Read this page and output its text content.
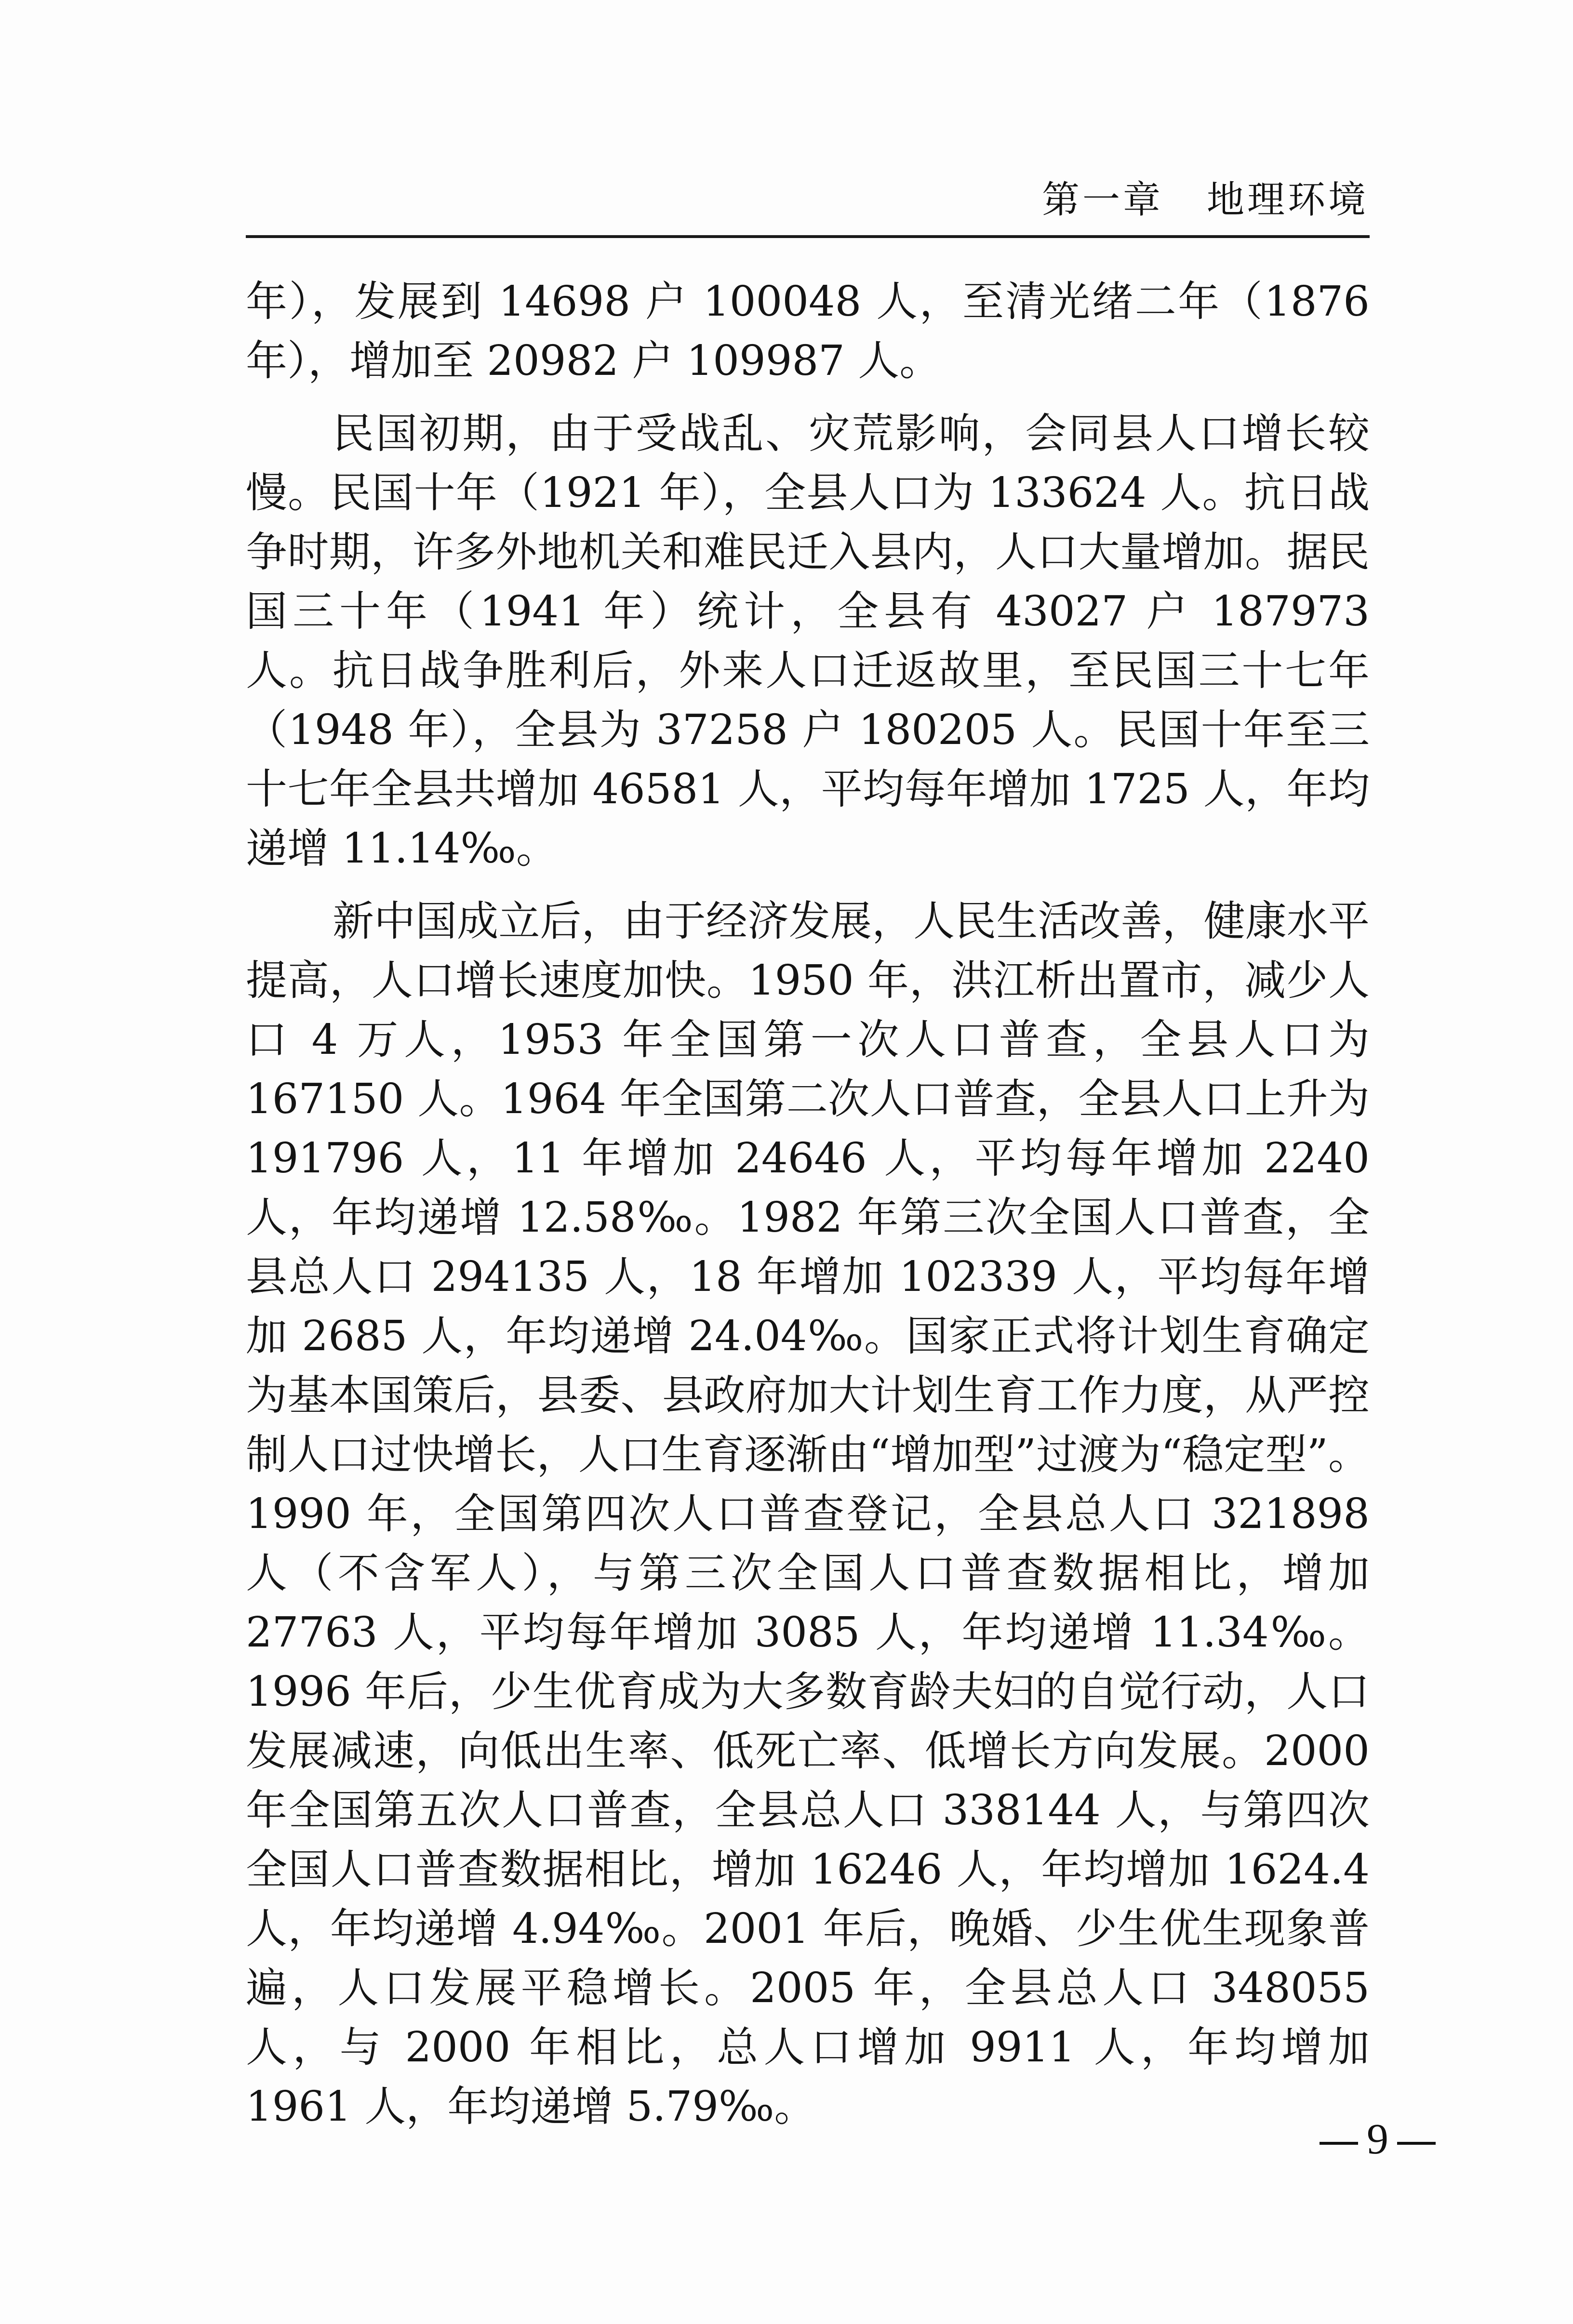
第一章 地理环境

年），发展到 14698 户 100048 人，至清光绪二年（1876 年），增加至 20982 户 109987 人。

民国初期，由于受战乱、灾荒影响，会同县人口增长较慢。民国十年（1921 年），全县人口为 133624 人。抗日战争时期，许多外地机关和难民迁入县内，人口大量增加。据民国三十年（1941 年）统计，全县有 43027 户 187973 人。抗日战争胜利后，外来人口迁返故里，至民国三十七年（1948 年），全县为 37258 户 180205 人。民国十年至三十七年全县共增加 46581 人，平均每年增加 1725 人，年均递增 11.14‰。

新中国成立后，由于经济发展，人民生活改善，健康水平提高，人口增长速度加快。1950 年，洪江析出置市，减少人口 4 万人，1953 年全国第一次人口普查，全县人口为 167150 人。1964 年全国第二次人口普查，全县人口上升为 191796 人，11 年增加 24646 人，平均每年增加 2240 人，年均递增 12.58‰。1982 年第三次全国人口普查，全县总人口 294135 人，18 年增加 102339 人，平均每年增加 2685 人，年均递增 24.04‰。国家正式将计划生育确定为基本国策后，县委、县政府加大计划生育工作力度，从严控制人口过快增长，人口生育逐渐由“增加型”过渡为“稳定型”。1990 年，全国第四次人口普查登记，全县总人口 321898 人（不含军人），与第三次全国人口普查数据相比，增加 27763 人，平均每年增加 3085 人，年均递增 11.34‰。1996 年后，少生优育成为大多数育龄夫妇的自觉行动，人口发展减速，向低出生率、低死亡率、低增长方向发展。2000 年全国第五次人口普查，全县总人口 338144 人，与第四次全国人口普查数据相比，增加 16246 人，年均增加 1624.4 人，年均递增 4.94‰。2001 年后，晚婚、少生优生现象普遍，人口发展平稳增长。2005 年，全县总人口 348055 人，与 2000 年相比，总人口增加 9911 人，年均增加 1961 人，年均递增 5.79‰。

9
